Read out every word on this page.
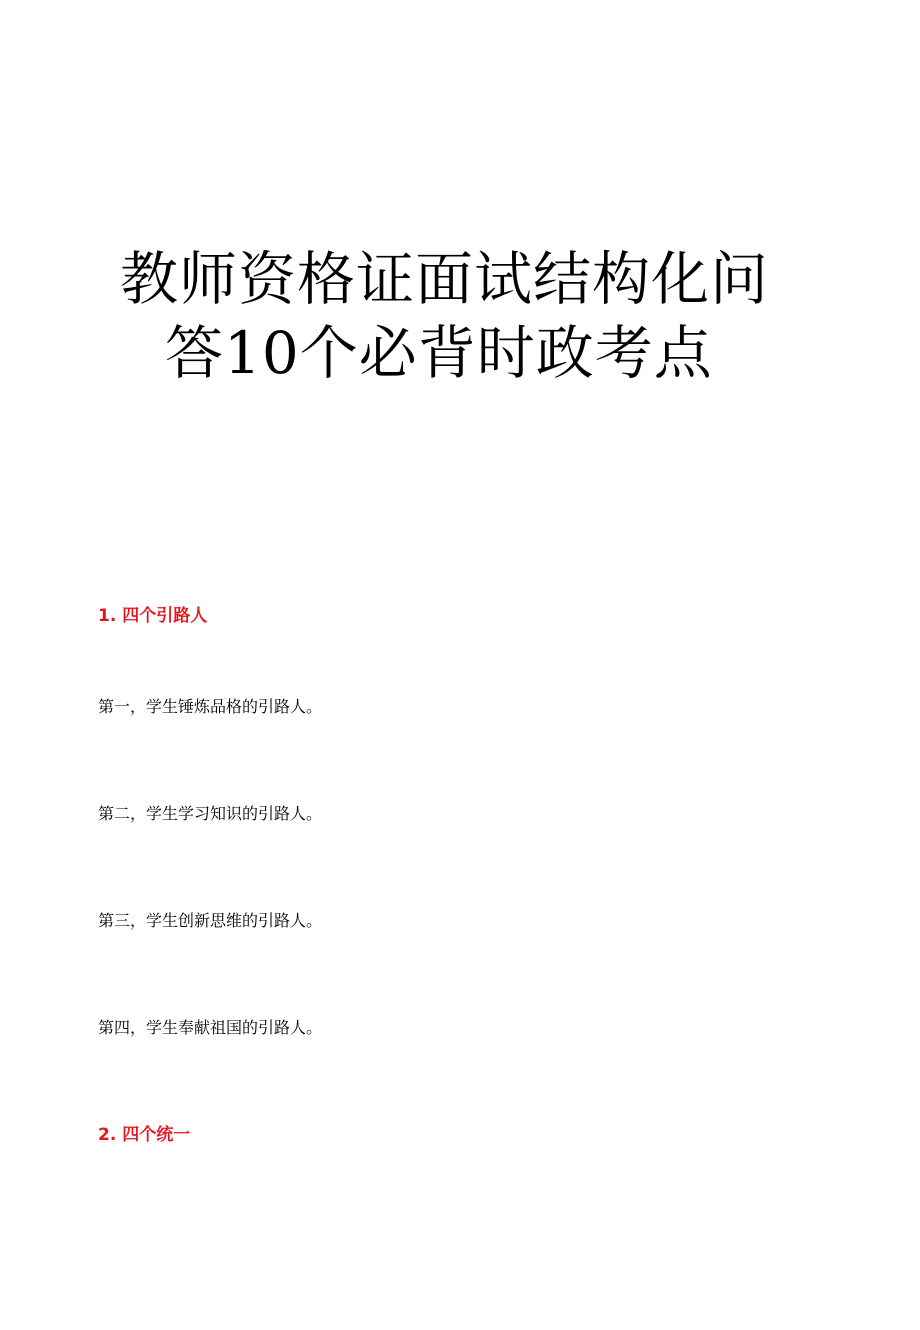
教师资格证面试结构化问
答10个必背时政考点
1. 四个引路人
第一，学生锤炼品格的引路人。
第二，学生学习知识的引路人。
第三，学生创新思维的引路人。
第四，学生奉献祖国的引路人。
2. 四个统一
